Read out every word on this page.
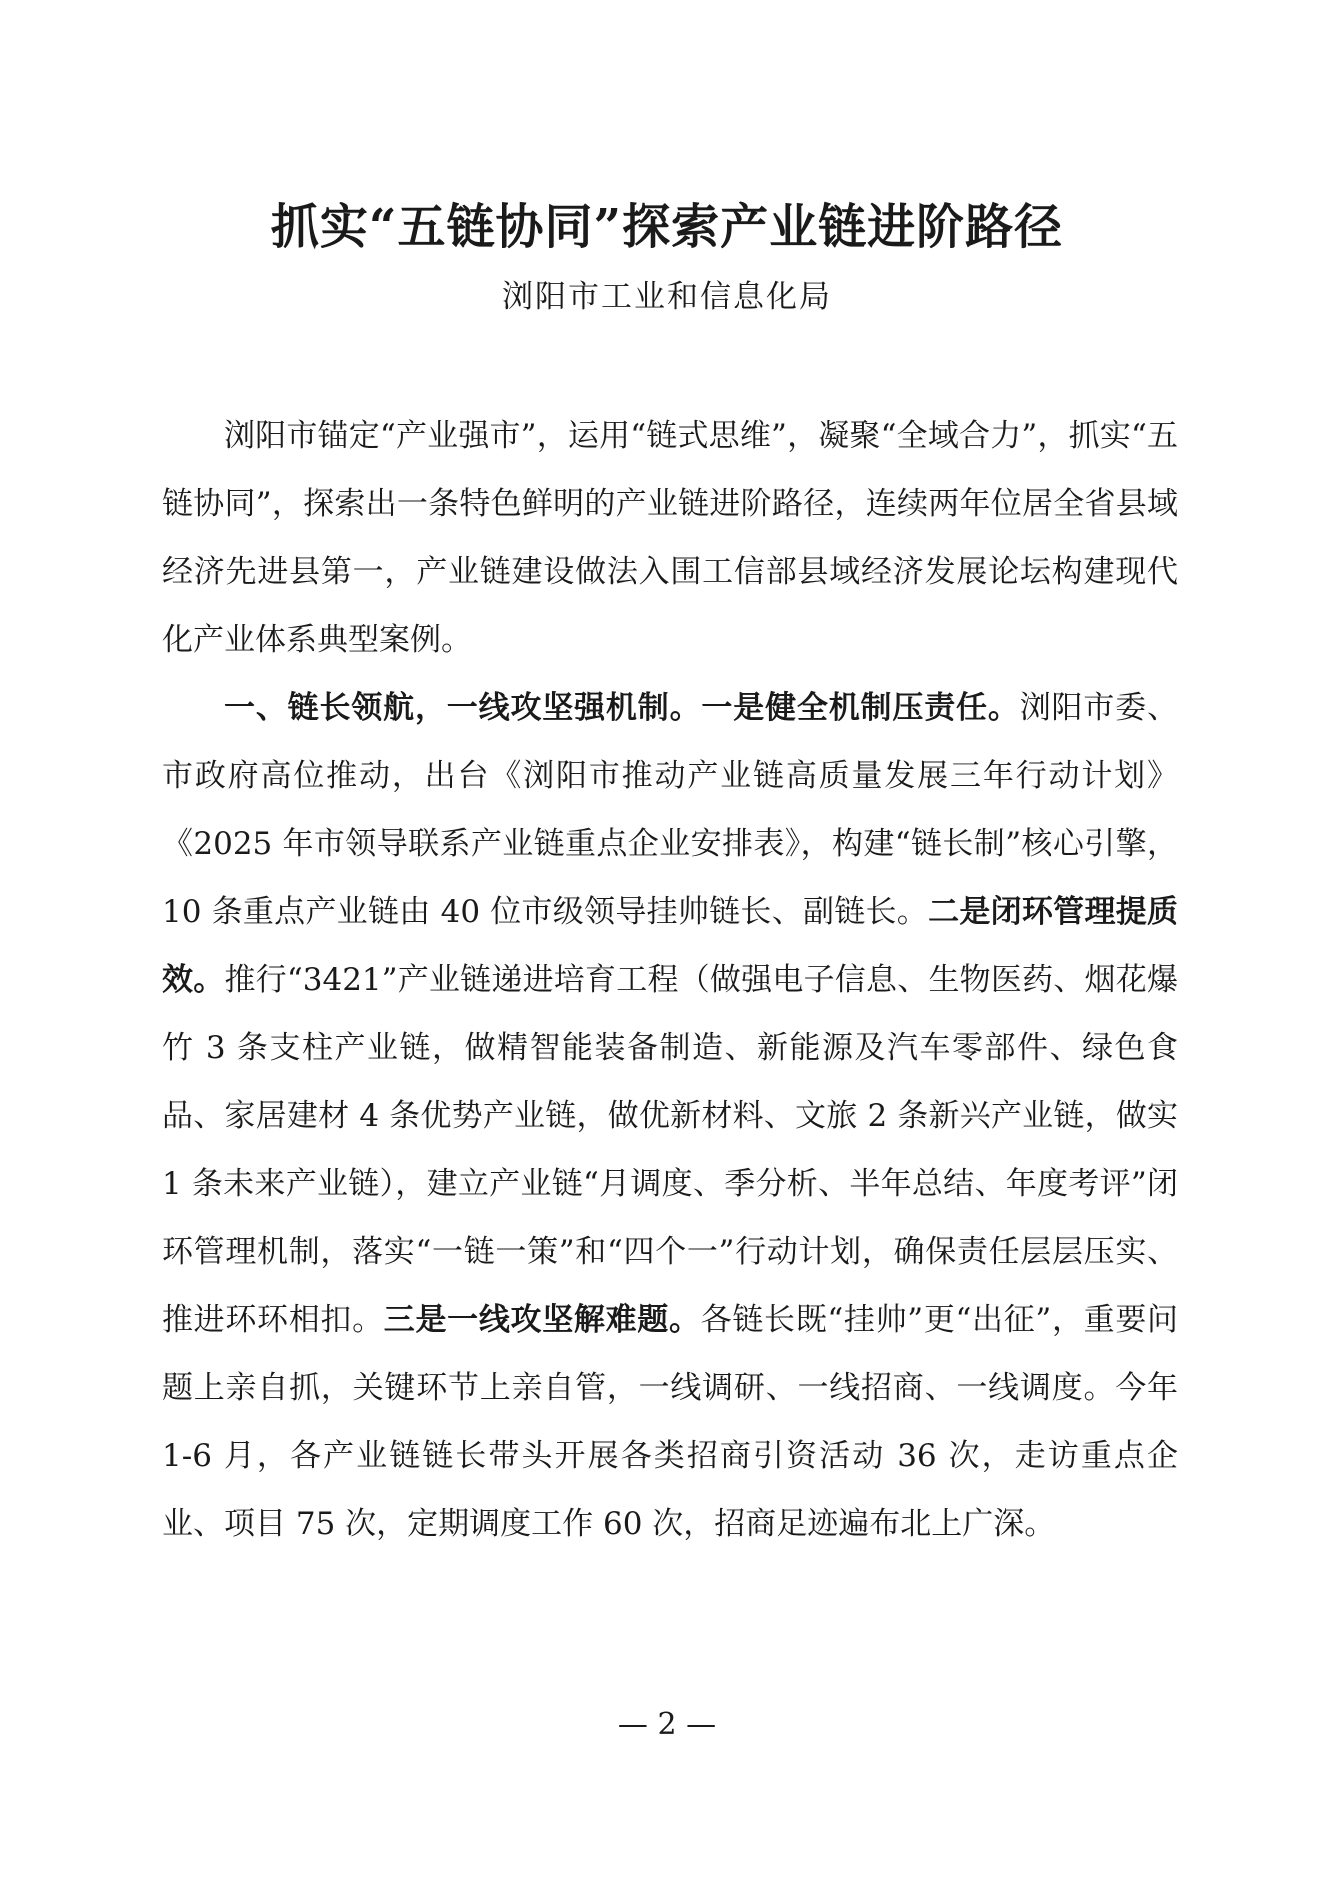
抓实“五链协同”探索产业链进阶路径
浏阳市工业和信息化局

浏阳市锚定“产业强市”，运用“链式思维”，凝聚“全域合力”，抓实“五链协同”，探索出一条特色鲜明的产业链进阶路径，连续两年位居全省县域经济先进县第一，产业链建设做法入围工信部县域经济发展论坛构建现代化产业体系典型案例。

一、链长领航，一线攻坚强机制。一是健全机制压责任。浏阳市委、市政府高位推动，出台《浏阳市推动产业链高质量发展三年行动计划》《2025 年市领导联系产业链重点企业安排表》，构建“链长制”核心引擎，10 条重点产业链由 40 位市级领导挂帅链长、副链长。二是闭环管理提质效。推行“3421”产业链递进培育工程（做强电子信息、生物医药、烟花爆竹 3 条支柱产业链，做精智能装备制造、新能源及汽车零部件、绿色食品、家居建材 4 条优势产业链，做优新材料、文旅 2 条新兴产业链，做实 1 条未来产业链），建立产业链“月调度、季分析、半年总结、年度考评”闭环管理机制，落实“一链一策”和“四个一”行动计划，确保责任层层压实、推进环环相扣。三是一线攻坚解难题。各链长既“挂帅”更“出征”，重要问题上亲自抓，关键环节上亲自管，一线调研、一线招商、一线调度。今年 1-6 月，各产业链链长带头开展各类招商引资活动 36 次，走访重点企业、项目 75 次，定期调度工作 60 次，招商足迹遍布北上广深。

— 2 —
